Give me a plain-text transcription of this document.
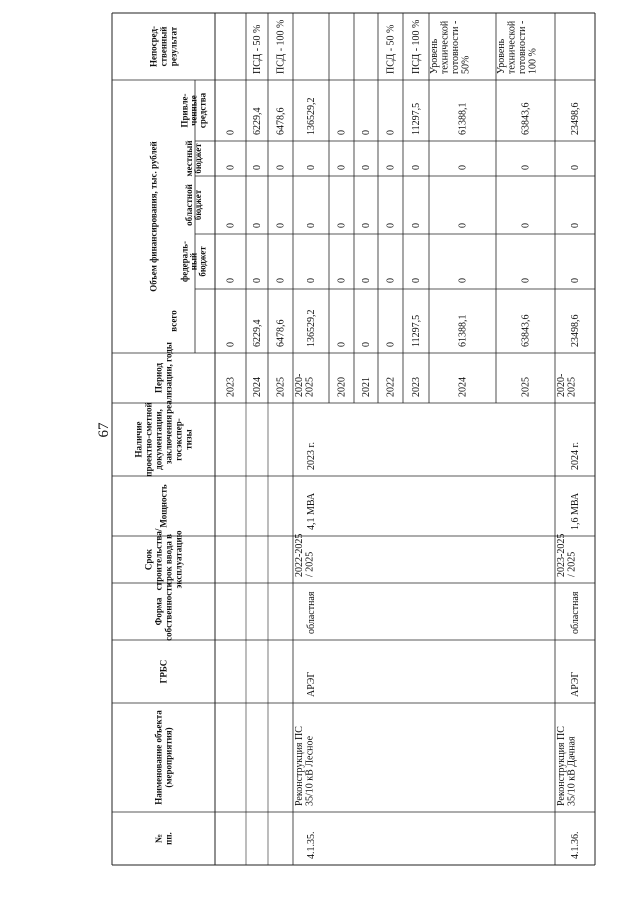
67
№ пп.
Наименование объекта (мероприятия)
ГРБС
Форма собственности
Срок строительства/ срок ввода в эксплуатацию
Мощность
Наличие проектно-сметной документации, заключения госэкспер- тизы
Период реализации, годы
Непосред- ственный результат
Объем финансирования, тыс. рублей
всего
федераль- ный бюджет
областной бюджет
местный бюджет
Привле- ченные средства
2023
0
0
0
0
0
2024
6229,4
0
0
0
6229,4
ПСД - 50 %
2025
6478,6
0
0
0
6478,6
ПСД - 100 %
4.1.35.
Реконструкция ПС 35/10 кВ Лесное
АРЭГ
областная
2022-2025 / 2025
4,1 МВА
2023 г.
2020- 2025
136529,2
0
0
0
136529,2
2020
0
0
0
0
0
2021
0
0
0
0
0
2022
0
0
0
0
0
ПСД - 50 %
2023
11297,5
0
0
0
11297,5
ПСД - 100 %
2024
61388,1
0
0
0
61388,1
Уровень технической готовности - 50%
2025
63843,6
0
0
0
63843,6
Уровень технической готовности - 100 %
4.1.36.
Реконструкция ПС 35/10 кВ Дачная
АРЭГ
областная
2023-2025 / 2025
1,6 МВА
2024 г.
2020- 2025
23498,6
0
0
0
23498,6
